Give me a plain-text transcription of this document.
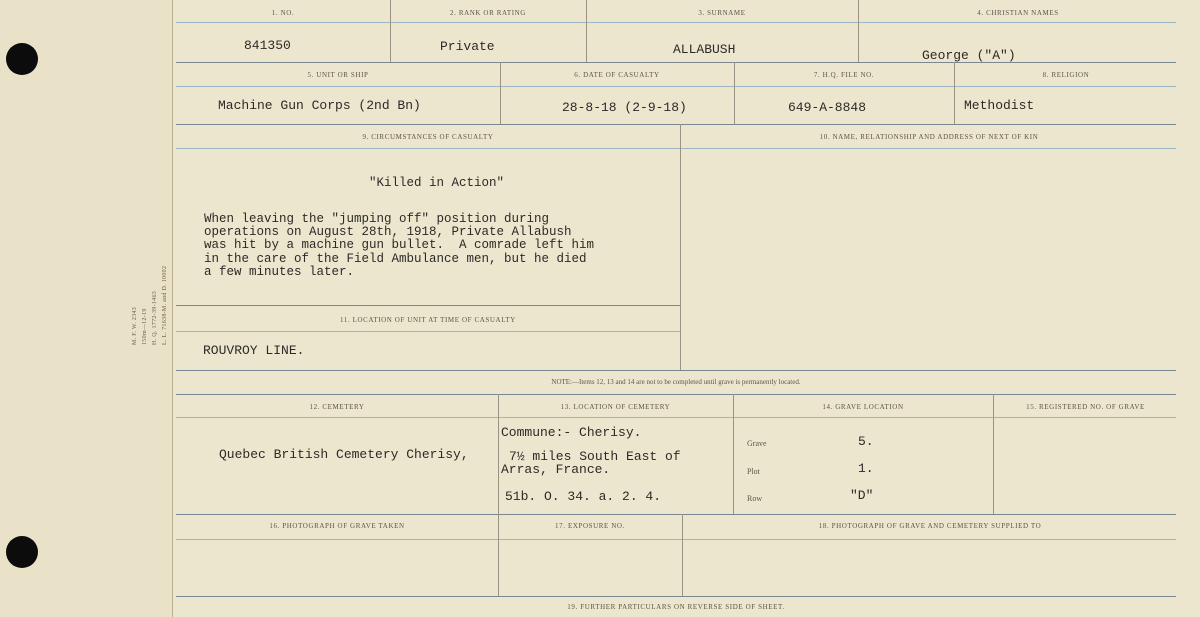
M. F. W. 2343 150m—12-19 H. Q. 1772-39-1463 L. L. 71638-M. and D. 10002
1. NO.	2. RANK OR RATING	3. SURNAME	4. CHRISTIAN NAMES
841350	Private	ALLABUSH	George ("A")
5. UNIT OR SHIP	6. DATE OF CASUALTY	7. H.Q. FILE NO.	8. RELIGION
Machine Gun Corps (2nd Bn)	28-8-18 (2-9-18)	649-A-8848	Methodist
9. CIRCUMSTANCES OF CASUALTY	10. NAME, RELATIONSHIP AND ADDRESS OF NEXT OF KIN
"Killed in Action"
When leaving the "jumping off" position during
operations on August 28th, 1918, Private Allabush
was hit by a machine gun bullet.  A comrade left him
in the care of the Field Ambulance men, but he died
a few minutes later.
11. LOCATION OF UNIT AT TIME OF CASUALTY
ROUVROY LINE.
NOTE:—Items 12, 13 and 14 are not to be completed until grave is permanently located.
12. CEMETERY	13. LOCATION OF CEMETERY	14. GRAVE LOCATION	15. REGISTERED NO. OF GRAVE
Quebec British Cemetery Cherisy,
Commune:- Cherisy.
7½ miles South East of
Arras, France.
51b. O. 34. a. 2. 4.
Grave	5.
Plot	1.
Row	"D"
16. PHOTOGRAPH OF GRAVE TAKEN	17. EXPOSURE NO.	18. PHOTOGRAPH OF GRAVE AND CEMETERY SUPPLIED TO
19. FURTHER PARTICULARS ON REVERSE SIDE OF SHEET.
